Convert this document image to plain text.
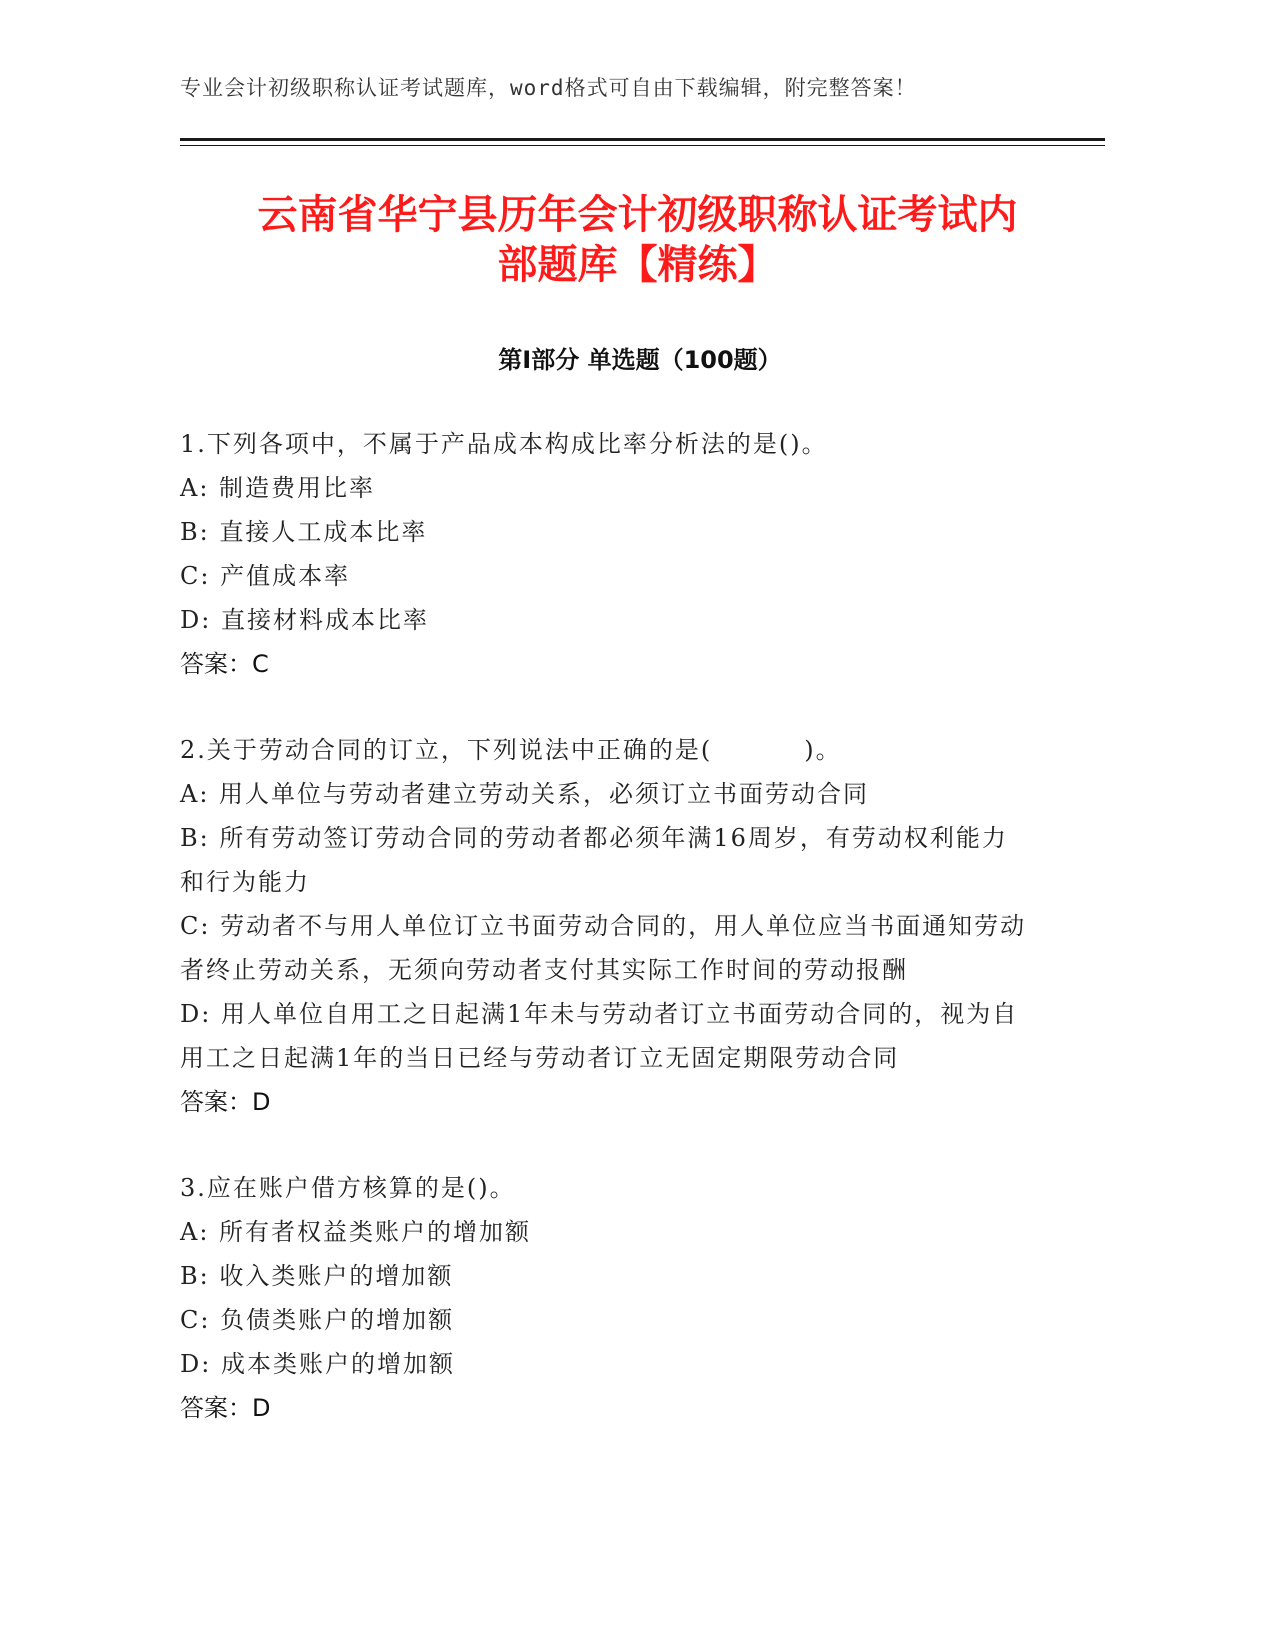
专业会计初级职称认证考试题库，word格式可自由下载编辑，附完整答案！
云南省华宁县历年会计初级职称认证考试内
部题库【精练】
第Ⅰ部分 单选题（100题）
1.下列各项中，不属于产品成本构成比率分析法的是()。
A: 制造费用比率
B: 直接人工成本比率
C: 产值成本率
D: 直接材料成本比率
答案：C
2.关于劳动合同的订立，下列说法中正确的是(	)。
A: 用人单位与劳动者建立劳动关系，必须订立书面劳动合同
B: 所有劳动签订劳动合同的劳动者都必须年满16周岁，有劳动权利能力和行为能力
C: 劳动者不与用人单位订立书面劳动合同的，用人单位应当书面通知劳动者终止劳动关系，无须向劳动者支付其实际工作时间的劳动报酬
D: 用人单位自用工之日起满1年未与劳动者订立书面劳动合同的，视为自用工之日起满1年的当日已经与劳动者订立无固定期限劳动合同
答案：D
3.应在账户借方核算的是()。
A: 所有者权益类账户的增加额
B: 收入类账户的增加额
C: 负债类账户的增加额
D: 成本类账户的增加额
答案：D
